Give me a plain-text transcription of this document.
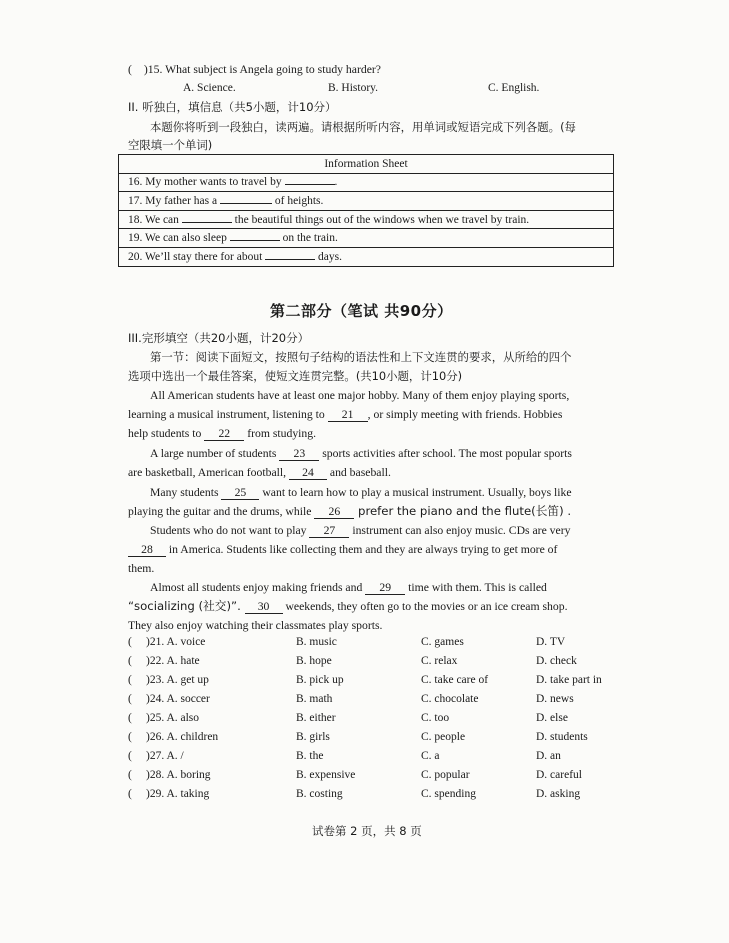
( )15. What subject is Angela going to study harder?
A. Science.	B. History.	C. English.
II. 听独白，填信息（共5小题，计10分）
本题你将听到一段独白，读两遍。请根据所听内容，用单词或短语完成下列各题。(每
空限填一个单词)
Information Sheet
16. My mother wants to travel by	.
17. My father has a	of heights.
18. We can	the beautiful things out of the windows when we travel by train.
19. We can also sleep	on the train.
20. We’ll stay there for about	days.
第二部分（笔试 共90分）
III.完形填空（共20小题，计20分）
第一节：阅读下面短文，按照句子结构的语法性和上下文连贯的要求，从所给的四个
选项中选出一个最佳答案，使短文连贯完整。(共10小题，计10分)
All American students have at least one major hobby. Many of them enjoy playing sports,
learning a musical instrument, listening to 21 , or simply meeting with friends. Hobbies
help students to 22 from studying.
A large number of students 23 sports activities after school. The most popular sports
are basketball, American football, 24 and baseball.
Many students 25 want to learn how to play a musical instrument. Usually, boys like
playing the guitar and the drums, while 26 prefer the piano and the flute(长笛) .
Students who do not want to play 27 instrument can also enjoy music. CDs are very
28 in America. Students like collecting them and they are always trying to get more of
them.
Almost all students enjoy making friends and 29 time with them. This is called
“socializing (社交)”. 30 weekends, they often go to the movies or an ice cream shop.
They also enjoy watching their classmates play sports.
( )21. A. voice	B. music	C. games	D. TV
( )22. A. hate	B. hope	C. relax	D. check
( )23. A. get up	B. pick up	C. take care of	D. take part in
( )24. A. soccer	B. math	C. chocolate	D. news
( )25. A. also	B. either	C. too	D. else
( )26. A. children	B. girls	C. people	D. students
( )27. A. /	B. the	C. a	D. an
( )28. A. boring	B. expensive	C. popular	D. careful
( )29. A. taking	B. costing	C. spending	D. asking
试卷第 2 页，共 8 页
